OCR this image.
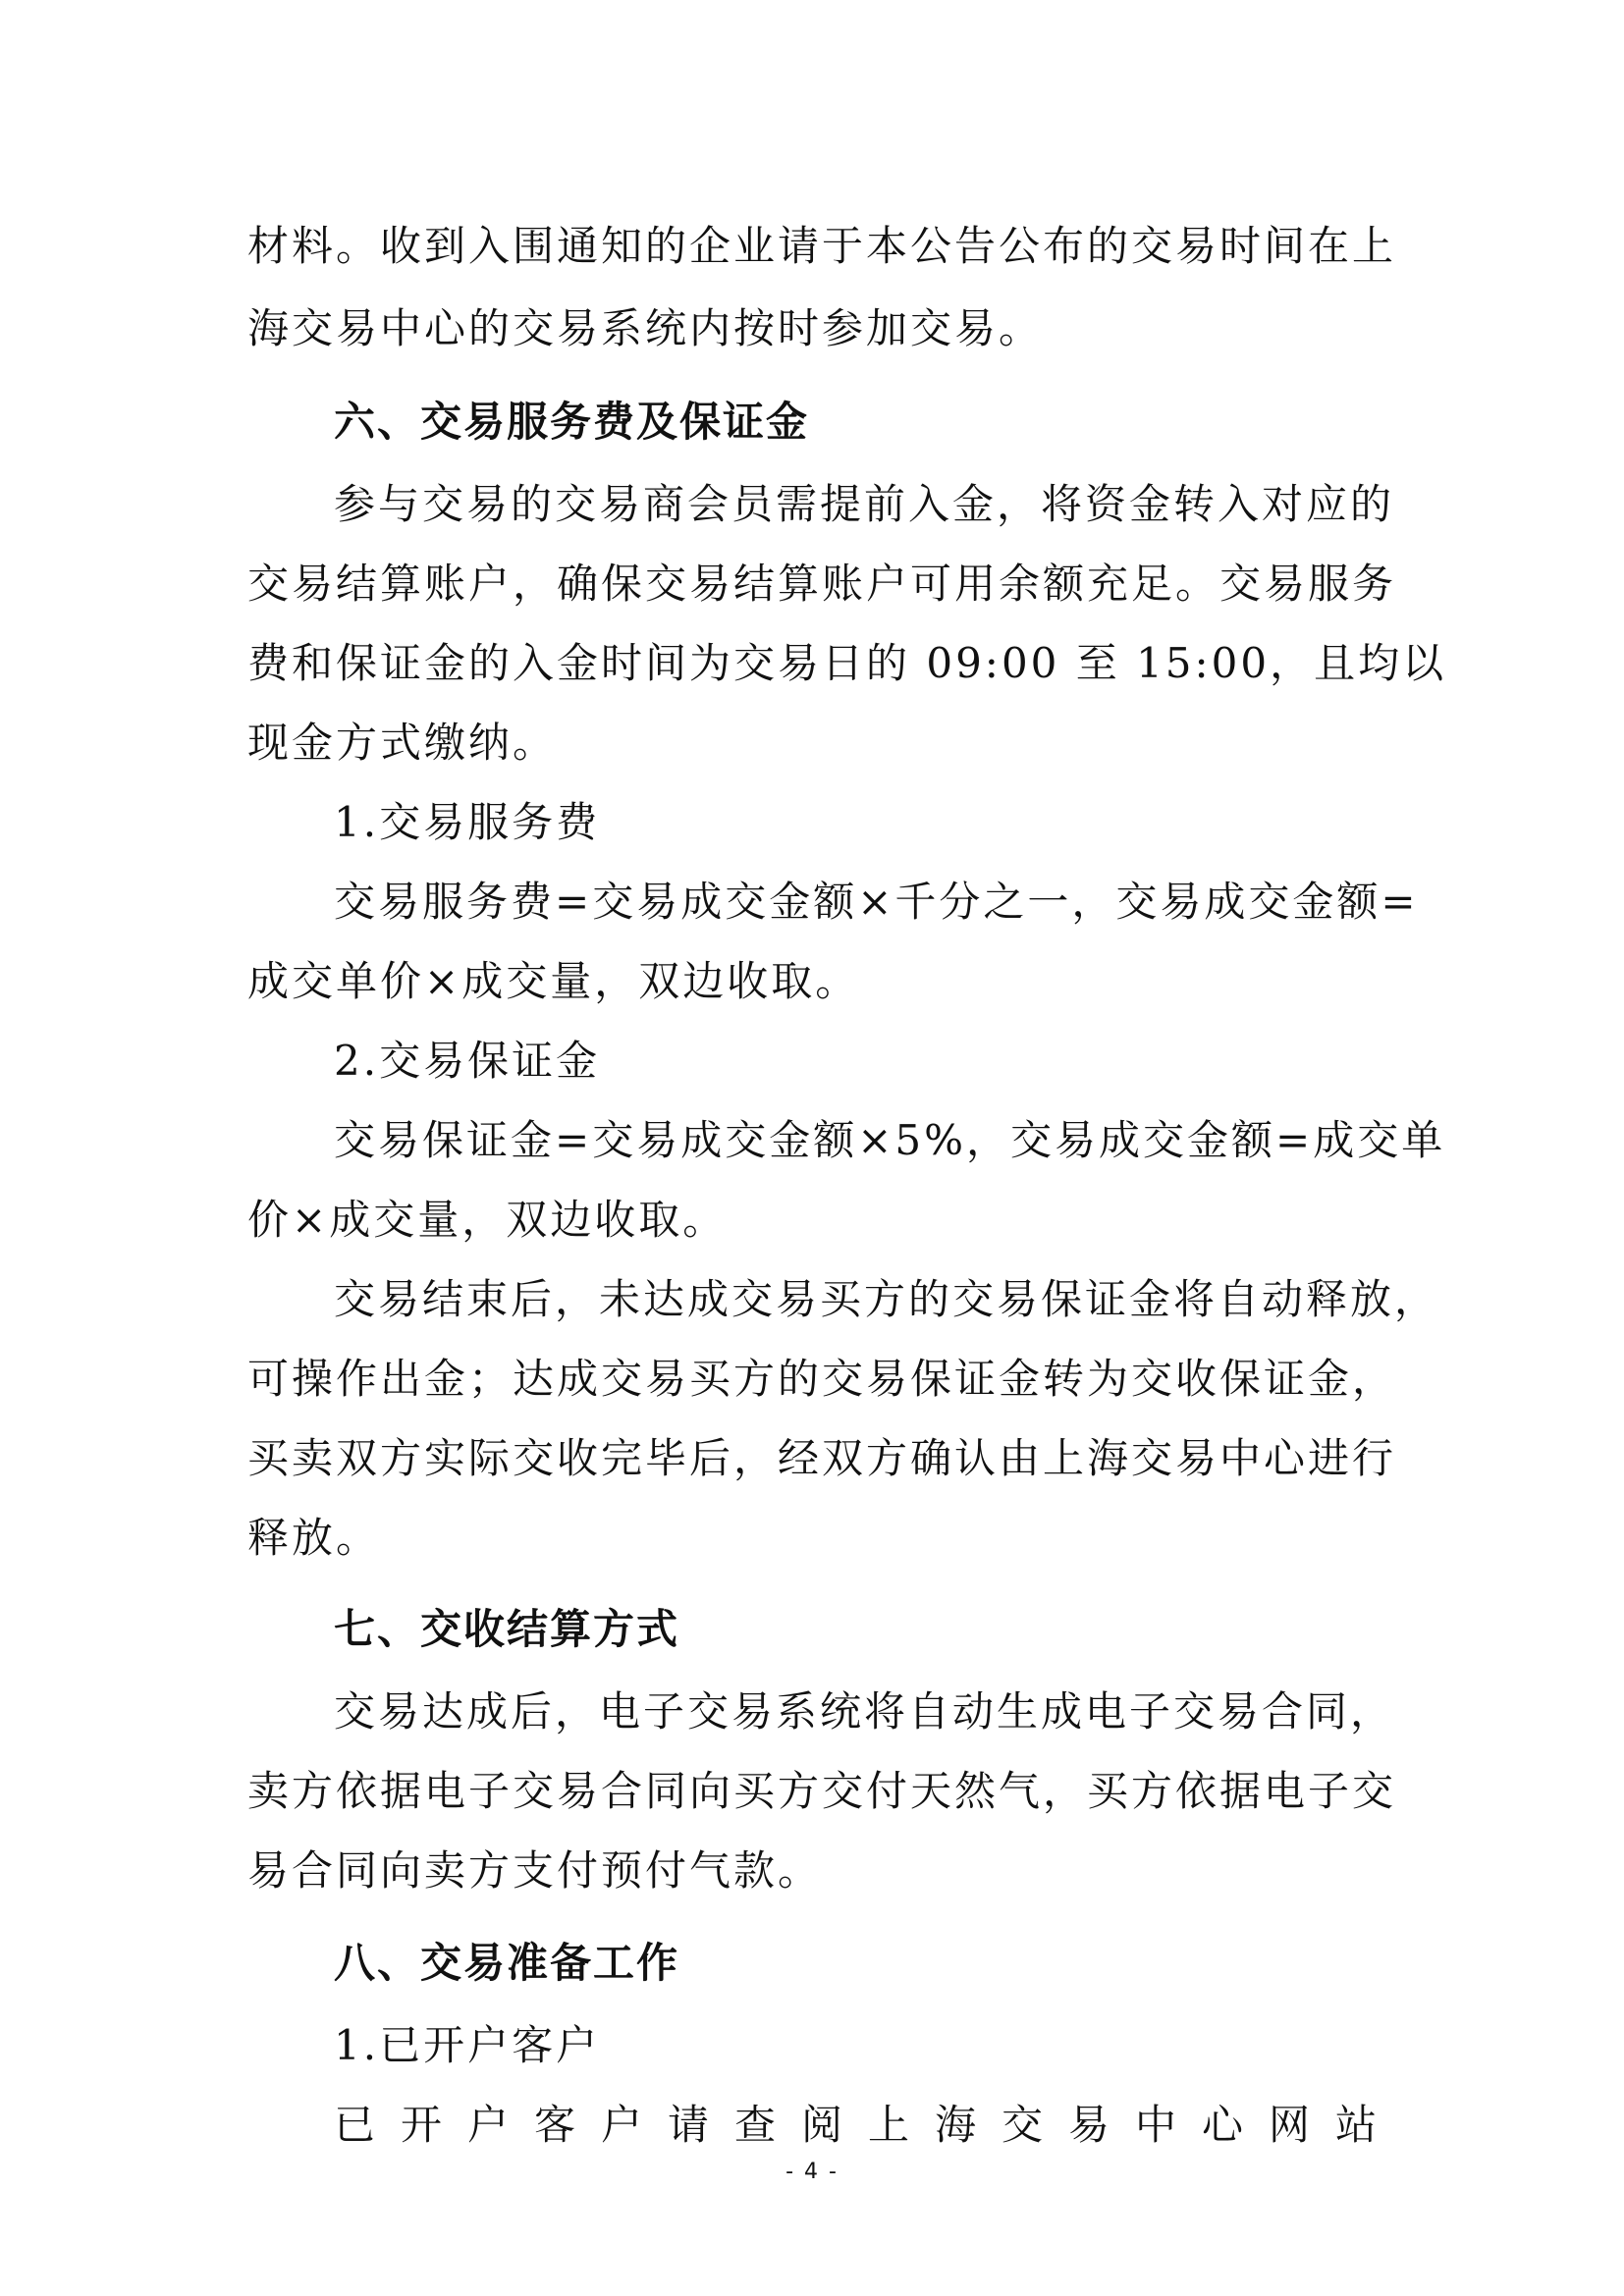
材料。收到入围通知的企业请于本公告公布的交易时间在上
海交易中心的交易系统内按时参加交易。
六、交易服务费及保证金
参与交易的交易商会员需提前入金，将资金转入对应的
交易结算账户，确保交易结算账户可用余额充足。交易服务
费和保证金的入金时间为交易日的 09:00 至 15:00，且均以
现金方式缴纳。
1.交易服务费
交易服务费=交易成交金额×千分之一，交易成交金额=
成交单价×成交量，双边收取。
2.交易保证金
交易保证金=交易成交金额×5%，交易成交金额=成交单
价×成交量，双边收取。
交易结束后，未达成交易买方的交易保证金将自动释放，
可操作出金；达成交易买方的交易保证金转为交收保证金，
买卖双方实际交收完毕后，经双方确认由上海交易中心进行
释放。
七、交收结算方式
交易达成后，电子交易系统将自动生成电子交易合同，
卖方依据电子交易合同向买方交付天然气，买方依据电子交
易合同向卖方支付预付气款。
八、交易准备工作
1.已开户客户
已开户客户请查阅上海交易中心网站
- 4 -
